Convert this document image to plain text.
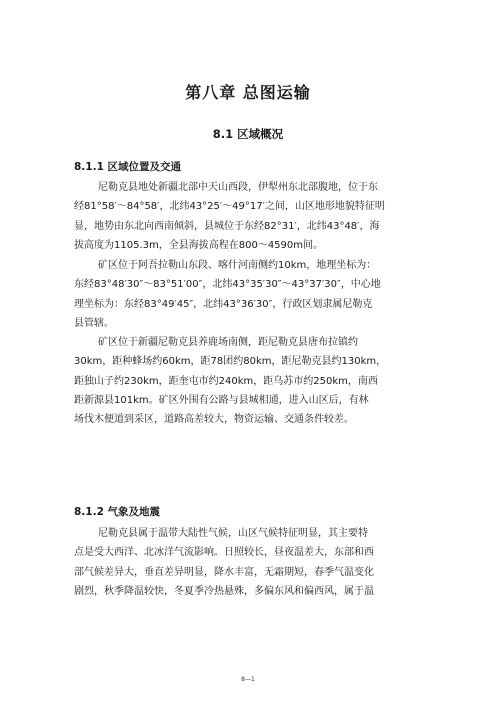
第八章 总图运输
8.1 区域概况
8.1.1 区域位置及交通
尼勒克县地处新疆北部中天山西段，伊犁州东北部腹地，位于东
经81°58′～84°58′，北纬43°25′～49°17′之间，山区地形地貌特征明
显，地势由东北向西南倾斜，县城位于东经82°31′，北纬43°48′，海
拔高度为1105.3m，全县海拔高程在800～4590m间。
矿区位于阿吾拉勒山东段、喀什河南侧约10km，地理坐标为：
东经83°48′30″～83°51′00″，北纬43°35′30″～43°37′30″，中心地
理坐标为：东经83°49′45″，北纬43°36′30″，行政区划隶属尼勒克
县管辖。
矿区位于新疆尼勒克县养鹿场南侧，距尼勒克县唐布拉镇约
30km，距种蜂场约60km，距78团约80km，距尼勒克县约130km，
距独山子约230km，距奎屯市约240km，距乌苏市约250km，南西
距新源县101km。矿区外围有公路与县城相通，进入山区后，有林
场伐木便道到采区，道路高差较大，物资运输、交通条件较差。
8.1.2 气象及地震
尼勒克县属于温带大陆性气候，山区气候特征明显，其主要特
点是受大西洋、北冰洋气流影响。日照较长，昼夜温差大，东部和西
部气候差异大，垂直差异明显，降水丰富，无霜期短，春季气温变化
剧烈，秋季降温较快，冬夏季冷热悬殊，多偏东风和偏西风，属于温
8—1
